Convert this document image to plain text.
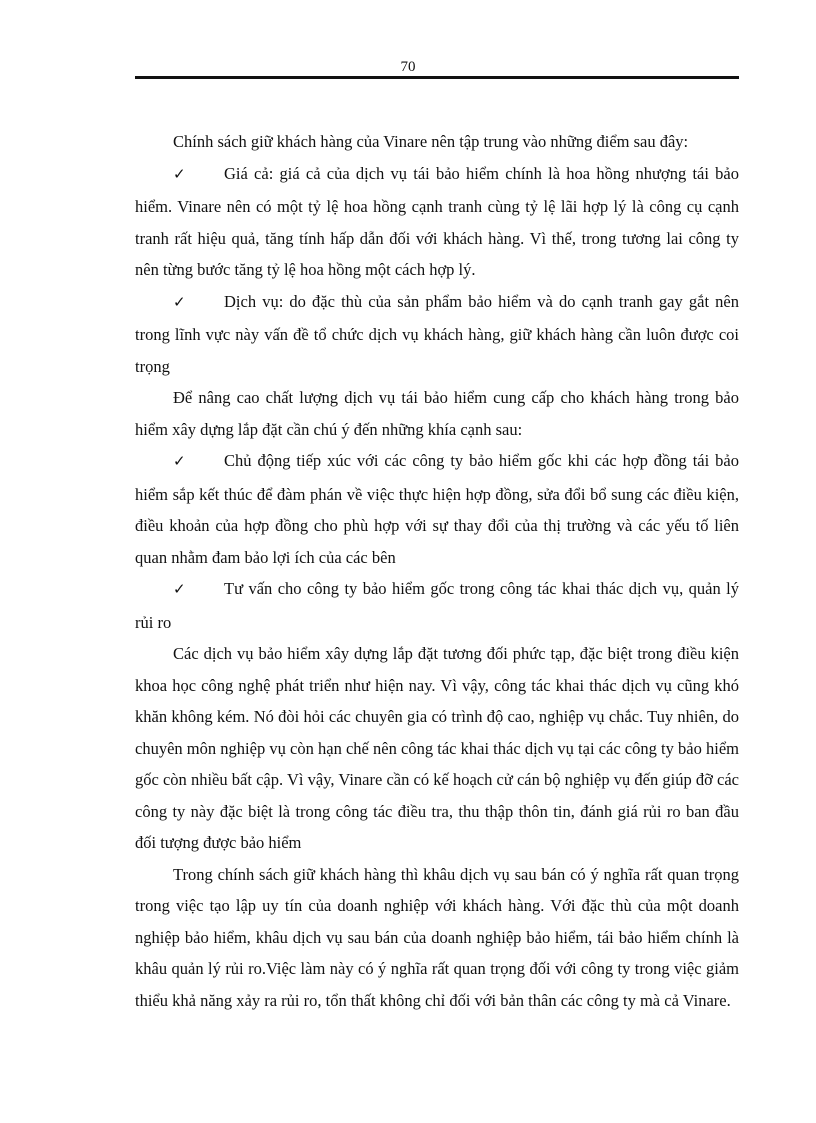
70

Chính sách giữ khách hàng của Vinare nên tập trung vào những điểm sau đây:

✓ Giá cả: giá cả của dịch vụ tái bảo hiểm chính là hoa hồng nhượng tái bảo hiểm. Vinare nên có một tỷ lệ hoa hồng cạnh tranh cùng tỷ lệ lãi hợp lý là công cụ cạnh tranh rất hiệu quả, tăng tính hấp dẫn đối với khách hàng. Vì thế, trong tương lai công ty nên từng bước tăng tỷ lệ hoa hồng một cách hợp lý.

✓ Dịch vụ: do đặc thù của sản phẩm bảo hiểm và do cạnh tranh gay gắt nên trong lĩnh vực này vấn đề tổ chức dịch vụ khách hàng, giữ khách hàng cần luôn được coi trọng

Để nâng cao chất lượng dịch vụ tái bảo hiểm cung cấp cho khách hàng trong bảo hiểm xây dựng lắp đặt cần chú ý đến những khía cạnh sau:

✓ Chủ động tiếp xúc với các công ty bảo hiểm gốc khi các hợp đồng tái bảo hiểm sắp kết thúc để đàm phán về việc thực hiện hợp đồng, sửa đổi bổ sung các điều kiện, điều khoản của hợp đồng cho phù hợp với sự thay đổi của thị trường và các yếu tố liên quan nhằm đam bảo lợi ích của các bên

✓ Tư vấn cho công ty bảo hiểm gốc trong công tác khai thác dịch vụ, quản lý rủi ro

Các dịch vụ bảo hiểm xây dựng lắp đặt tương đối phức tạp, đặc biệt trong điều kiện khoa học công nghệ phát triển như hiện nay. Vì vậy, công tác khai thác dịch vụ cũng khó khăn không kém. Nó đòi hỏi các chuyên gia có trình độ cao, nghiệp vụ chắc. Tuy nhiên, do chuyên môn nghiệp vụ còn hạn chế nên công tác khai thác dịch vụ tại các công ty bảo hiểm gốc còn nhiều bất cập. Vì vậy, Vinare cần có kế hoạch cử cán bộ nghiệp vụ đến giúp đỡ các công ty này đặc biệt là trong công tác điều tra, thu thập thôn tin, đánh giá rủi ro ban đầu đối tượng được bảo hiểm

Trong chính sách giữ khách hàng thì khâu dịch vụ sau bán có ý nghĩa rất quan trọng trong việc tạo lập uy tín của doanh nghiệp với khách hàng. Với đặc thù của một doanh nghiệp bảo hiểm, khâu dịch vụ sau bán của doanh nghiệp bảo hiểm, tái bảo hiểm chính là khâu quản lý rủi ro.Việc làm này có ý nghĩa rất quan trọng đối với công ty trong việc giảm thiểu khả năng xảy ra rủi ro, tổn thất không chỉ đối với bản thân các công ty mà cả Vinare.
